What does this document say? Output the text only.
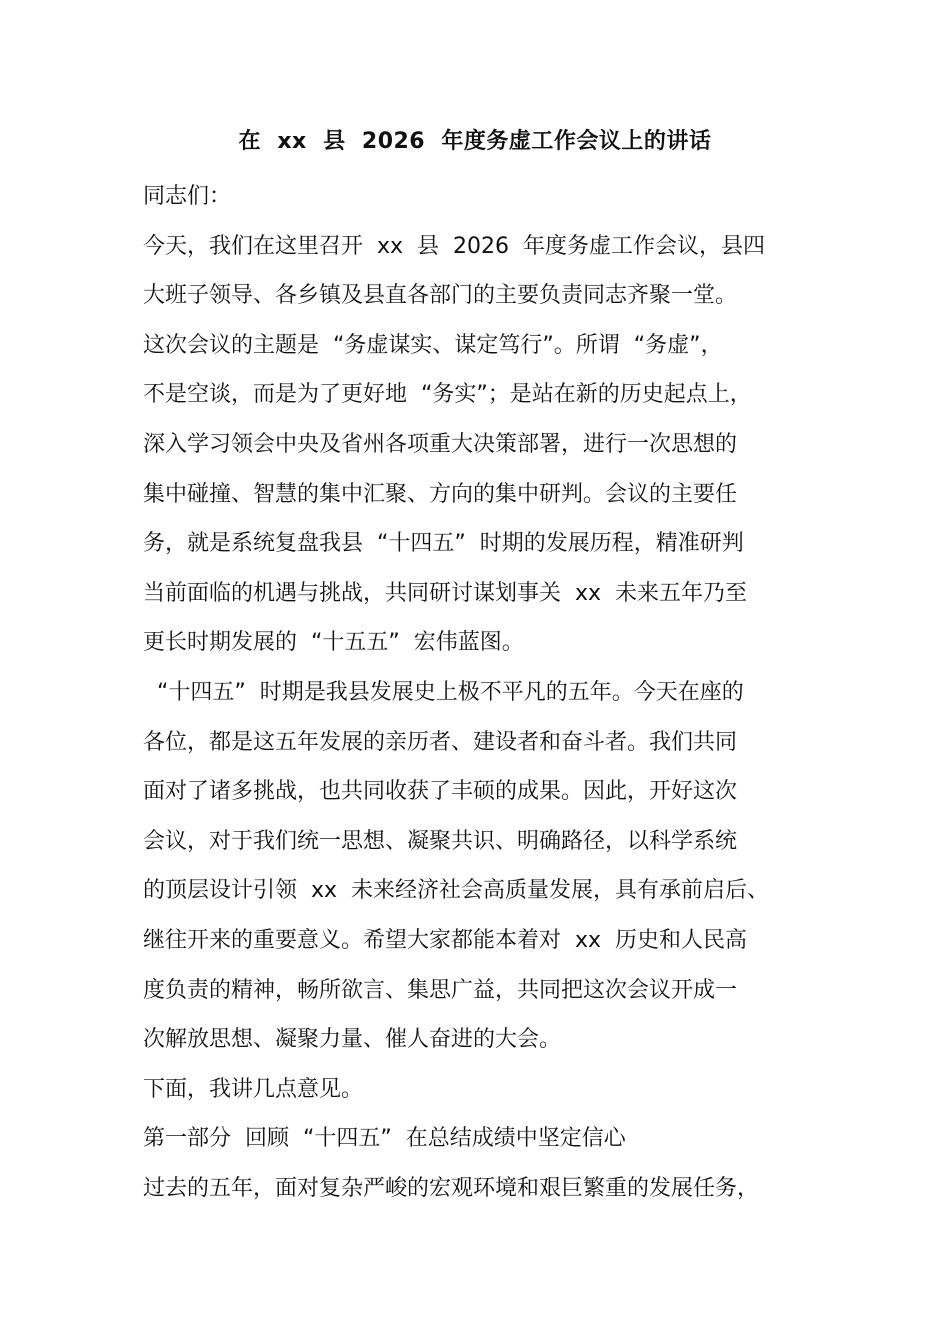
在  xx  县  2026  年度务虚工作会议上的讲话
同志们：
今天，我们在这里召开  xx  县  2026  年度务虚工作会议，县四
大班子领导、各乡镇及县直各部门的主要负责同志齐聚一堂。
这次会议的主题是  “务虚谋实、谋定笃行”。所谓  “务虚”，
不是空谈，而是为了更好地  “务实”；是站在新的历史起点上，
深入学习领会中央及省州各项重大决策部署，进行一次思想的
集中碰撞、智慧的集中汇聚、方向的集中研判。会议的主要任
务，就是系统复盘我县  “十四五”  时期的发展历程，精准研判
当前面临的机遇与挑战，共同研讨谋划事关  xx  未来五年乃至
更长时期发展的  “十五五”  宏伟蓝图。
“十四五”  时期是我县发展史上极不平凡的五年。今天在座的
各位，都是这五年发展的亲历者、建设者和奋斗者。我们共同
面对了诸多挑战，也共同收获了丰硕的成果。因此，开好这次
会议，对于我们统一思想、凝聚共识、明确路径，以科学系统
的顶层设计引领  xx  未来经济社会高质量发展，具有承前启后、
继往开来的重要意义。希望大家都能本着对  xx  历史和人民高
度负责的精神，畅所欲言、集思广益，共同把这次会议开成一
次解放思想、凝聚力量、催人奋进的大会。
下面，我讲几点意见。
第一部分  回顾  “十四五”  在总结成绩中坚定信心
过去的五年，面对复杂严峻的宏观环境和艰巨繁重的发展任务，
